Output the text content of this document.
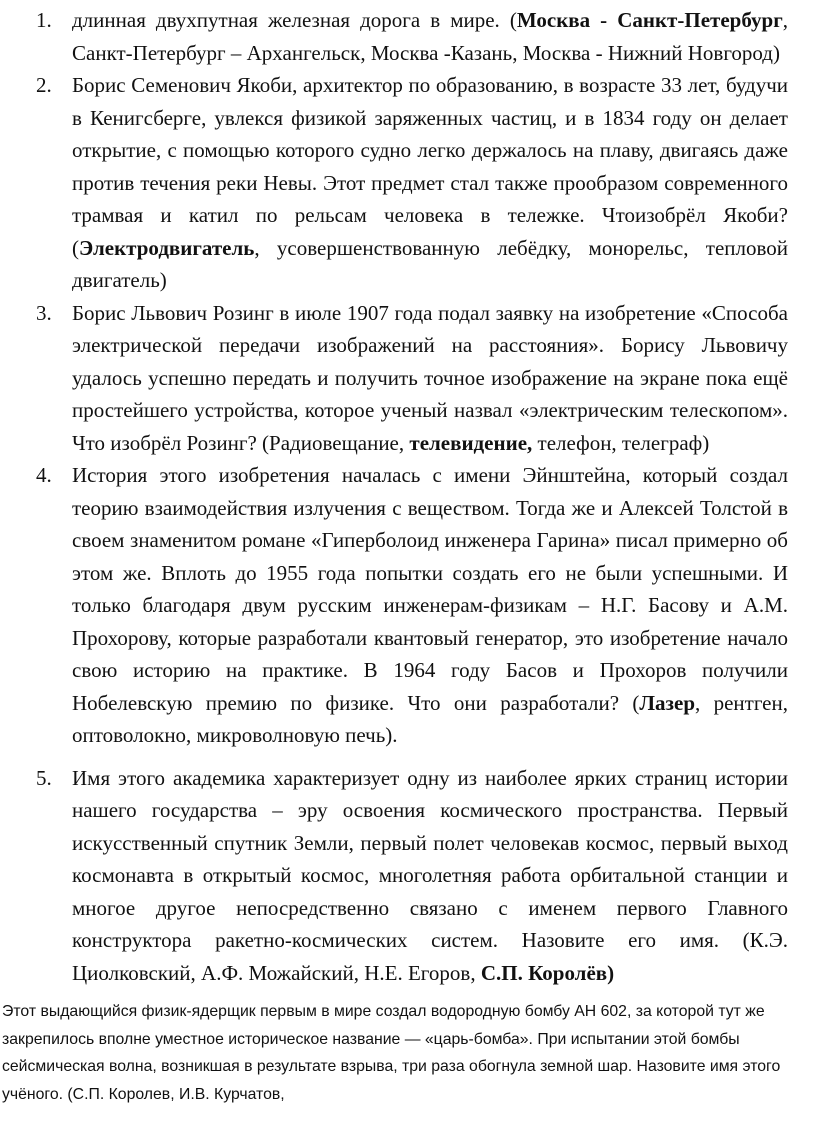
1. длинная двухпутная железная дорога в мире. (Москва - Санкт-Петербург, Санкт-Петербург – Архангельск, Москва -Казань, Москва - Нижний Новгород)
2. Борис Семенович Якоби, архитектор по образованию, в возрасте 33 лет, будучи в Кенигсберге, увлекся физикой заряженных частиц, и в 1834 году он делает открытие, с помощью которого судно легко держалось на плаву, двигаясь даже против течения реки Невы. Этот предмет стал также прообразом современного трамвая и катил по рельсам человека в тележке. Чтоизобрёл Якоби? (Электродвигатель, усовершенствованную лебёдку, монорельс, тепловой двигатель)
3. Борис Львович Розинг в июле 1907 года подал заявку на изобретение «Способа электрической передачи изображений на расстояния». Борису Львовичу удалось успешно передать и получить точное изображение на экране пока ещё простейшего устройства, которое ученый назвал «электрическим телескопом». Что изобрёл Розинг? (Радиовещание, телевидение, телефон, телеграф)
4. История этого изобретения началась с имени Эйнштейна, который создал теорию взаимодействия излучения с веществом. Тогда же и Алексей Толстой в своем знаменитом романе «Гиперболоид инженера Гарина» писал примерно об этом же. Вплоть до 1955 года попытки создать его не были успешными. И только благодаря двум русским инженерам-физикам – Н.Г. Басову и А.М. Прохорову, которые разработали квантовый генератор, это изобретение начало свою историю на практике. В 1964 году Басов и Прохоров получили Нобелевскую премию по физике. Что они разработали? (Лазер, рентген, оптоволокно, микроволновую печь).
5. Имя этого академика характеризует одну из наиболее ярких страниц истории нашего государства – эру освоения космического пространства. Первый искусственный спутник Земли, первый полет человекав космос, первый выход космонавта в открытый космос, многолетняя работа орбитальной станции и многое другое непосредственно связано с именем первого Главного конструктора ракетно-космических систем. Назовите его имя. (К.Э. Циолковский, А.Ф. Можайский, Н.Е. Егоров, С.П. Королёв)

Этот выдающийся физик-ядерщик первым в мире создал водородную бомбу АН 602, за которой тут же закрепилось вполне уместное историческое название — «царь-бомба». При испытании этой бомбы сейсмическая волна, возникшая в результате взрыва, три раза обогнула земной шар. Назовите имя этого учёного. (С.П. Королев, И.В. Курчатов,
